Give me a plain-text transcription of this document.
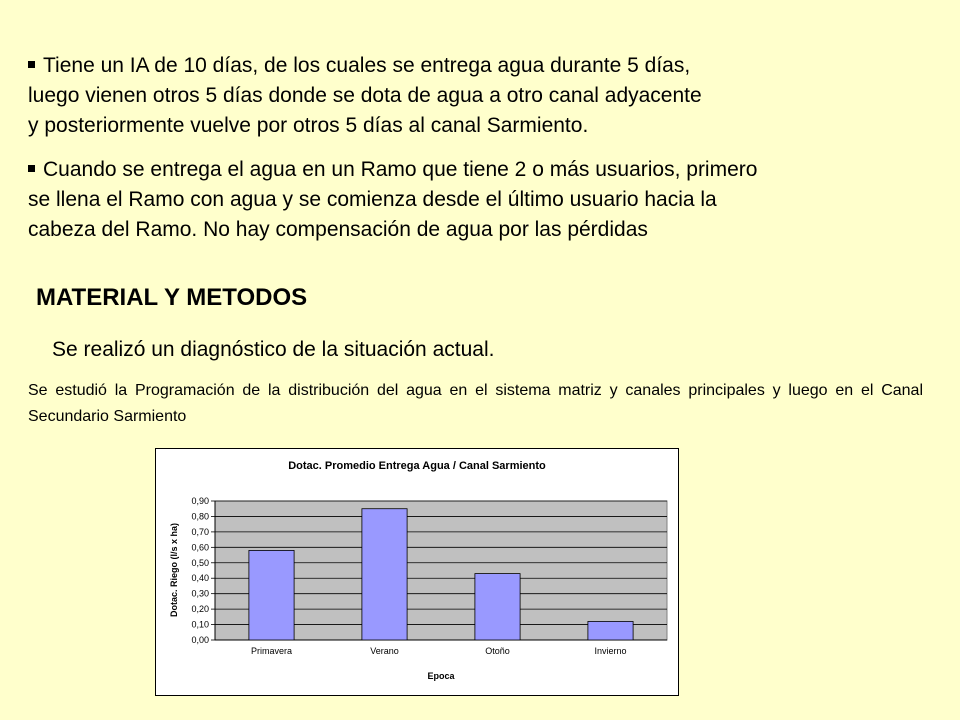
Tiene un IA de 10 días, de los cuales se entrega agua durante 5 días,
luego vienen otros 5 días donde se dota de agua a otro canal adyacente
y posteriormente vuelve por otros 5 días al canal Sarmiento.
Cuando se entrega el agua en un Ramo que tiene 2 o más usuarios, primero
se llena el Ramo con agua y se comienza desde el último usuario hacia la
cabeza del Ramo. No hay compensación de agua por las pérdidas
MATERIAL Y METODOS
Se realizó un diagnóstico de la situación actual.
Se estudió la Programación de la distribución del agua en el sistema matriz y canales principales y luego en el Canal Secundario Sarmiento
Dotac. Promedio Entrega Agua / Canal Sarmiento
0,00
0,10
0,20
0,30
0,40
0,50
0,60
0,70
0,80
0,90
Primavera	Verano	Otoño	Invierno
Epoca
Dotac. Riego (l/s x ha)
